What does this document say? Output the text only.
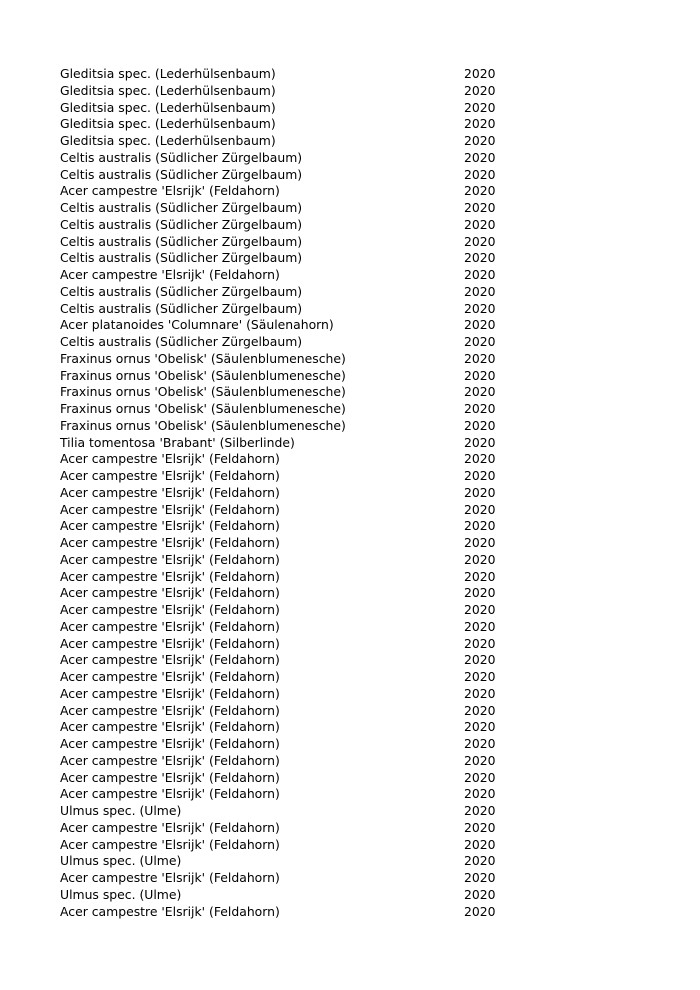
Gleditsia spec. (Lederhülsenbaum)	2020
Gleditsia spec. (Lederhülsenbaum)	2020
Gleditsia spec. (Lederhülsenbaum)	2020
Gleditsia spec. (Lederhülsenbaum)	2020
Gleditsia spec. (Lederhülsenbaum)	2020
Celtis australis (Südlicher Zürgelbaum)	2020
Celtis australis (Südlicher Zürgelbaum)	2020
Acer campestre 'Elsrijk' (Feldahorn)	2020
Celtis australis (Südlicher Zürgelbaum)	2020
Celtis australis (Südlicher Zürgelbaum)	2020
Celtis australis (Südlicher Zürgelbaum)	2020
Celtis australis (Südlicher Zürgelbaum)	2020
Acer campestre 'Elsrijk' (Feldahorn)	2020
Celtis australis (Südlicher Zürgelbaum)	2020
Celtis australis (Südlicher Zürgelbaum)	2020
Acer platanoides 'Columnare' (Säulenahorn)	2020
Celtis australis (Südlicher Zürgelbaum)	2020
Fraxinus ornus 'Obelisk' (Säulenblumenesche)	2020
Fraxinus ornus 'Obelisk' (Säulenblumenesche)	2020
Fraxinus ornus 'Obelisk' (Säulenblumenesche)	2020
Fraxinus ornus 'Obelisk' (Säulenblumenesche)	2020
Fraxinus ornus 'Obelisk' (Säulenblumenesche)	2020
Tilia tomentosa 'Brabant' (Silberlinde)	2020
Acer campestre 'Elsrijk' (Feldahorn)	2020
Acer campestre 'Elsrijk' (Feldahorn)	2020
Acer campestre 'Elsrijk' (Feldahorn)	2020
Acer campestre 'Elsrijk' (Feldahorn)	2020
Acer campestre 'Elsrijk' (Feldahorn)	2020
Acer campestre 'Elsrijk' (Feldahorn)	2020
Acer campestre 'Elsrijk' (Feldahorn)	2020
Acer campestre 'Elsrijk' (Feldahorn)	2020
Acer campestre 'Elsrijk' (Feldahorn)	2020
Acer campestre 'Elsrijk' (Feldahorn)	2020
Acer campestre 'Elsrijk' (Feldahorn)	2020
Acer campestre 'Elsrijk' (Feldahorn)	2020
Acer campestre 'Elsrijk' (Feldahorn)	2020
Acer campestre 'Elsrijk' (Feldahorn)	2020
Acer campestre 'Elsrijk' (Feldahorn)	2020
Acer campestre 'Elsrijk' (Feldahorn)	2020
Acer campestre 'Elsrijk' (Feldahorn)	2020
Acer campestre 'Elsrijk' (Feldahorn)	2020
Acer campestre 'Elsrijk' (Feldahorn)	2020
Acer campestre 'Elsrijk' (Feldahorn)	2020
Acer campestre 'Elsrijk' (Feldahorn)	2020
Ulmus spec. (Ulme)	2020
Acer campestre 'Elsrijk' (Feldahorn)	2020
Acer campestre 'Elsrijk' (Feldahorn)	2020
Ulmus spec. (Ulme)	2020
Acer campestre 'Elsrijk' (Feldahorn)	2020
Ulmus spec. (Ulme)	2020
Acer campestre 'Elsrijk' (Feldahorn)	2020
